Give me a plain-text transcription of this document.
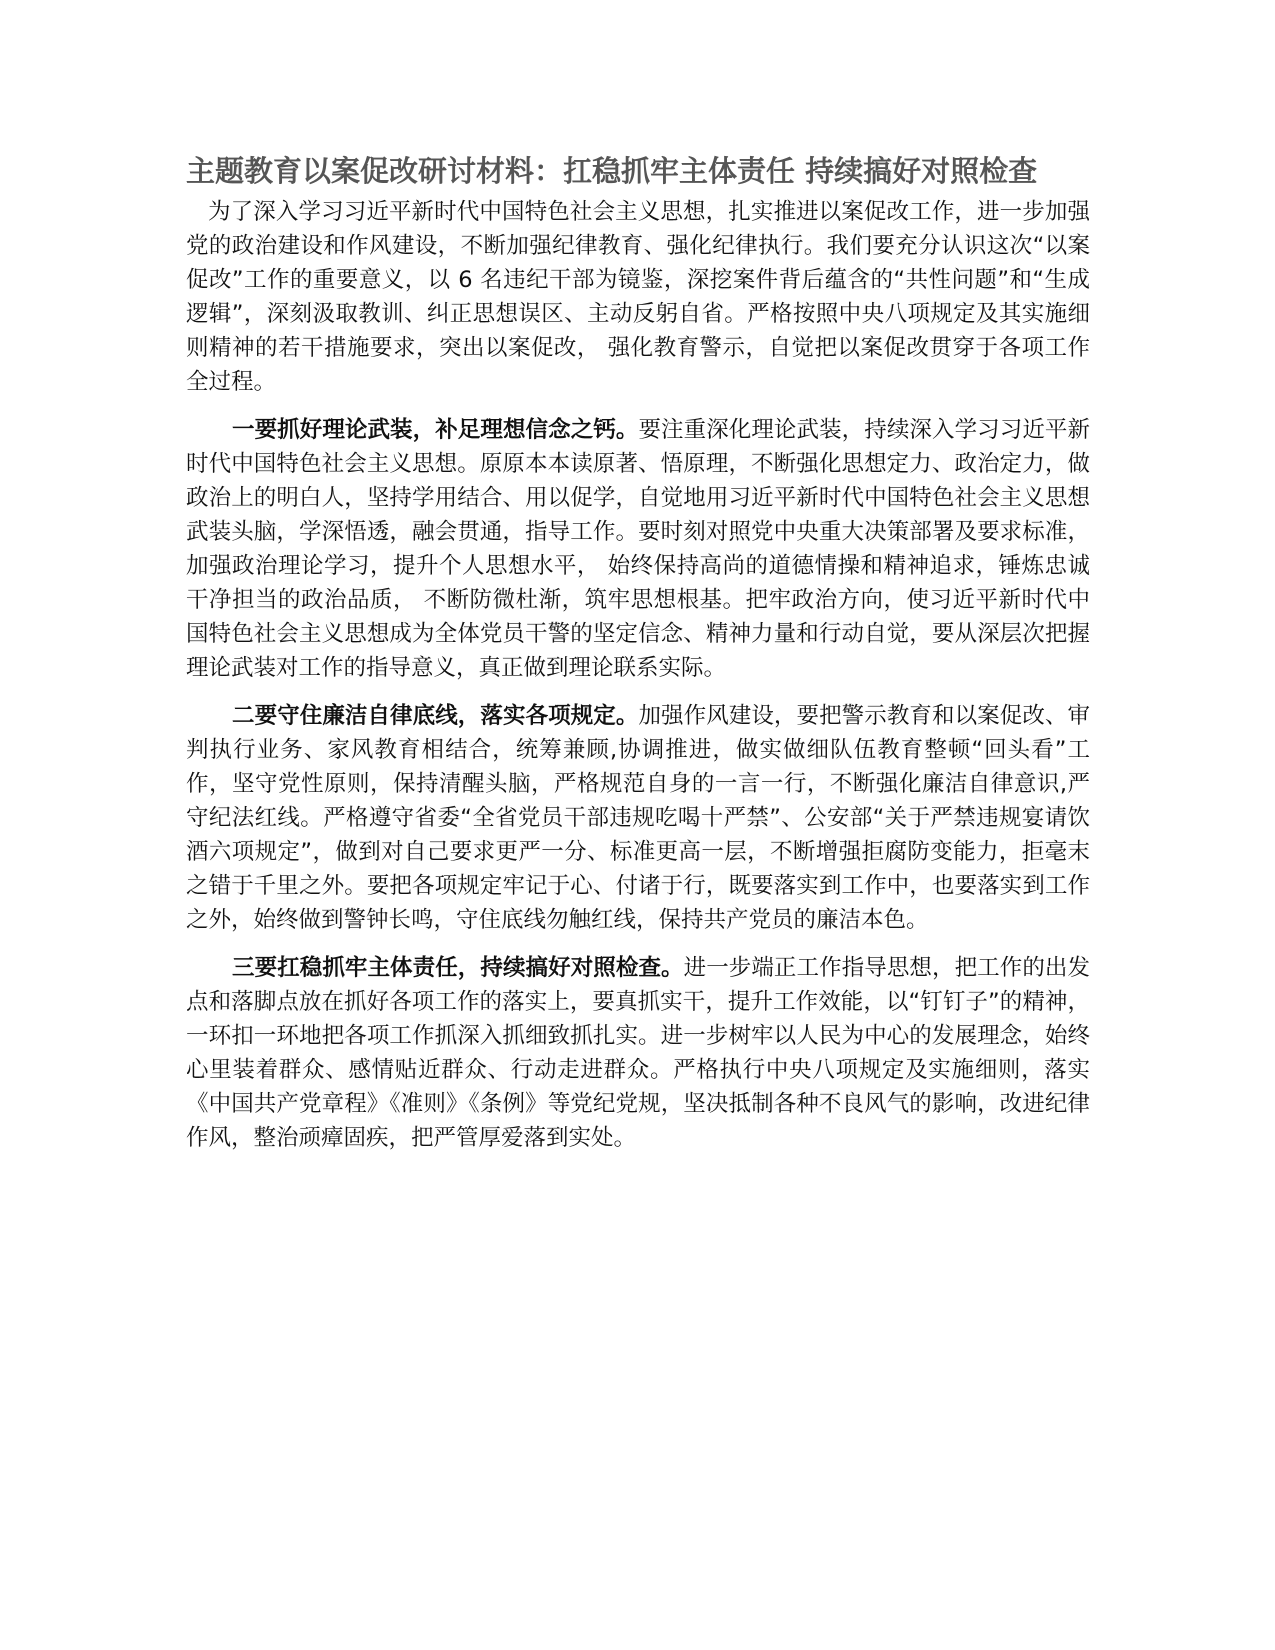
主题教育以案促改研讨材料：扛稳抓牢主体责任 持续搞好对照检查

为了深入学习习近平新时代中国特色社会主义思想，扎实推进以案促改工作，进一步加强党的政治建设和作风建设，不断加强纪律教育、强化纪律执行。我们要充分认识这次“以案促改”工作的重要意义，以 6 名违纪干部为镜鉴，深挖案件背后蕴含的“共性问题”和“生成逻辑”，深刻汲取教训、纠正思想误区、主动反躬自省。严格按照中央八项规定及其实施细则精神的若干措施要求，突出以案促改， 强化教育警示，自觉把以案促改贯穿于各项工作全过程。

一要抓好理论武装，补足理想信念之钙。要注重深化理论武装，持续深入学习习近平新时代中国特色社会主义思想。原原本本读原著、悟原理，不断强化思想定力、政治定力，做政治上的明白人，坚持学用结合、用以促学，自觉地用习近平新时代中国特色社会主义思想武装头脑，学深悟透，融会贯通，指导工作。要时刻对照党中央重大决策部署及要求标准，加强政治理论学习，提升个人思想水平， 始终保持高尚的道德情操和精神追求，锤炼忠诚干净担当的政治品质， 不断防微杜渐，筑牢思想根基。把牢政治方向，使习近平新时代中国特色社会主义思想成为全体党员干警的坚定信念、精神力量和行动自觉，要从深层次把握理论武装对工作的指导意义，真正做到理论联系实际。

二要守住廉洁自律底线，落实各项规定。加强作风建设，要把警示教育和以案促改、审判执行业务、家风教育相结合，统筹兼顾,协调推进，做实做细队伍教育整顿“回头看”工作，坚守党性原则，保持清醒头脑，严格规范自身的一言一行，不断强化廉洁自律意识,严守纪法红线。严格遵守省委“全省党员干部违规吃喝十严禁”、公安部“关于严禁违规宴请饮酒六项规定”，做到对自己要求更严一分、标准更高一层，不断增强拒腐防变能力，拒毫末之错于千里之外。要把各项规定牢记于心、付诸于行，既要落实到工作中，也要落实到工作之外，始终做到警钟长鸣，守住底线勿触红线，保持共产党员的廉洁本色。

三要扛稳抓牢主体责任，持续搞好对照检查。进一步端正工作指导思想，把工作的出发点和落脚点放在抓好各项工作的落实上，要真抓实干，提升工作效能，以“钉钉子”的精神，一环扣一环地把各项工作抓深入抓细致抓扎实。进一步树牢以人民为中心的发展理念，始终心里装着群众、感情贴近群众、行动走进群众。严格执行中央八项规定及实施细则，落实《中国共产党章程》《准则》《条例》等党纪党规，坚决抵制各种不良风气的影响，改进纪律作风，整治顽瘴固疾，把严管厚爱落到实处。
